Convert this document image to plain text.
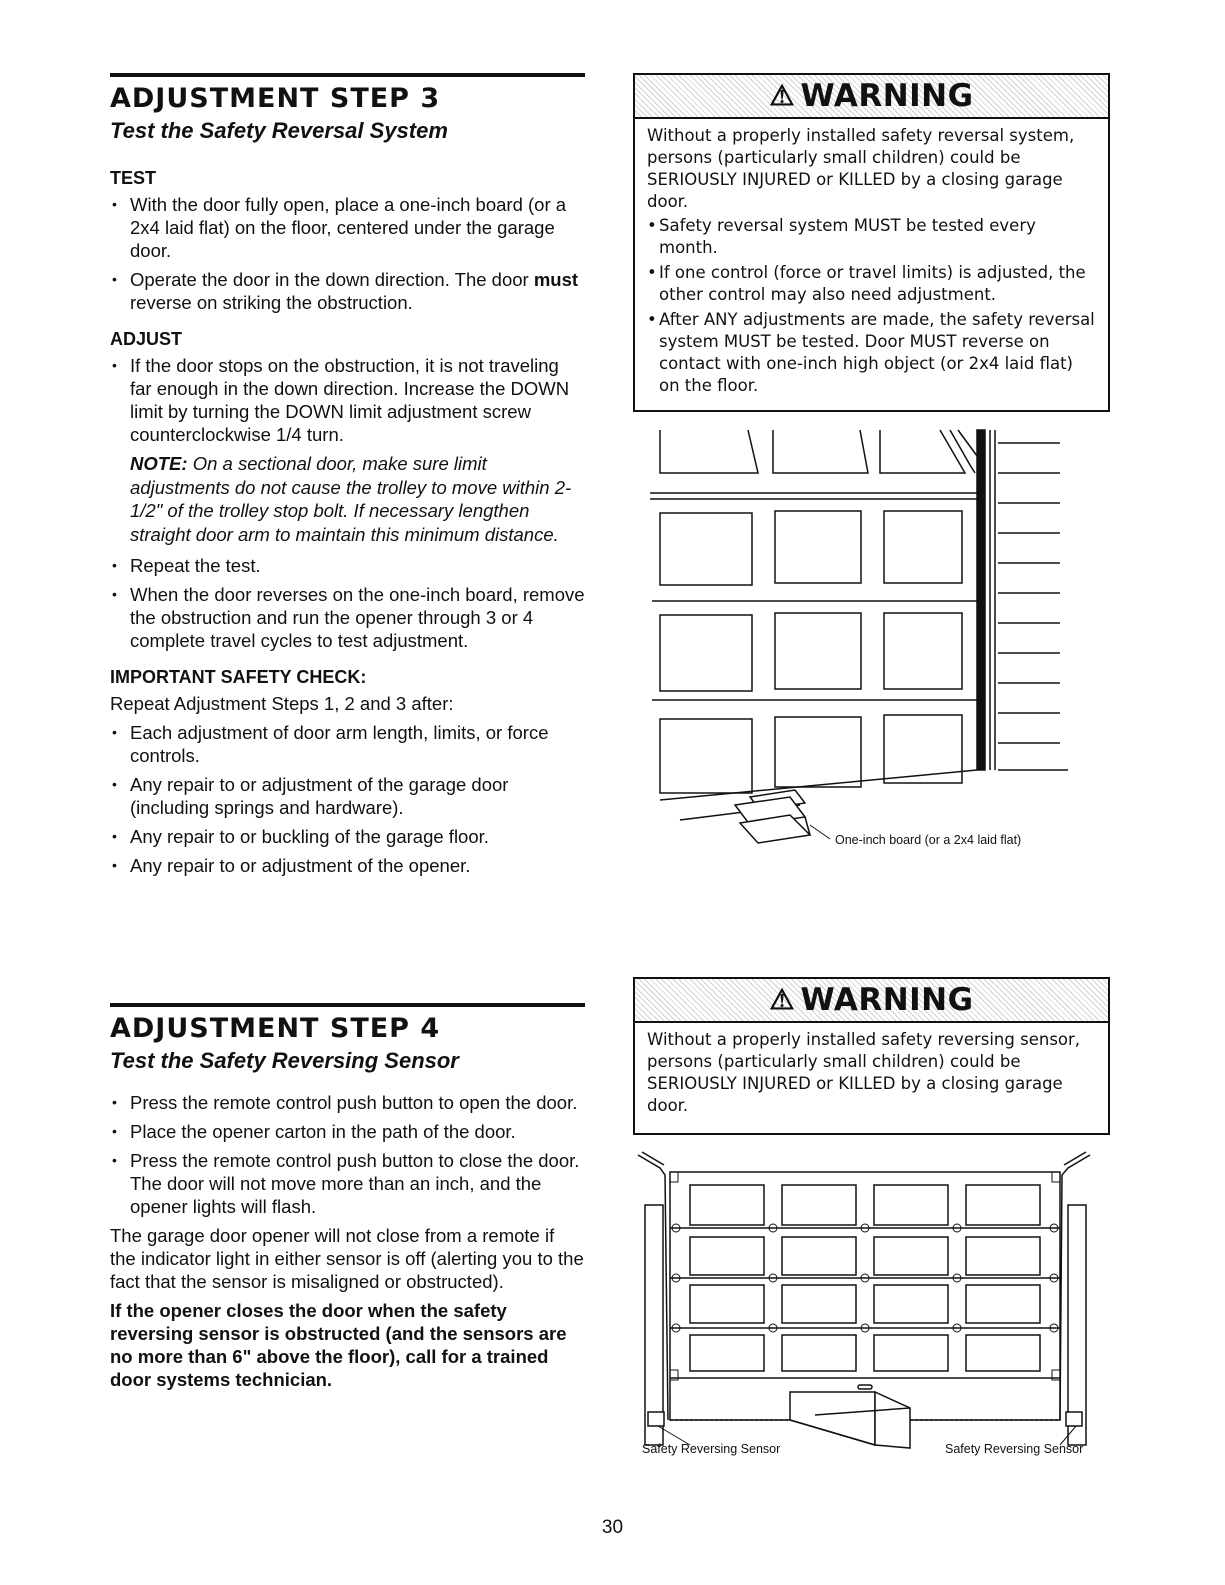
ADJUSTMENT STEP 3
Test the Safety Reversal System
TEST
• With the door fully open, place a one-inch board (or a 2x4 laid flat) on the floor, centered under the garage door.
• Operate the door in the down direction. The door must reverse on striking the obstruction.
ADJUST
• If the door stops on the obstruction, it is not traveling far enough in the down direction. Increase the DOWN limit by turning the DOWN limit adjustment screw counterclockwise 1/4 turn.
NOTE: On a sectional door, make sure limit adjustments do not cause the trolley to move within 2-1/2" of the trolley stop bolt. If necessary lengthen straight door arm to maintain this minimum distance.
• Repeat the test.
• When the door reverses on the one-inch board, remove the obstruction and run the opener through 3 or 4 complete travel cycles to test adjustment.
IMPORTANT SAFETY CHECK:
Repeat Adjustment Steps 1, 2 and 3 after:
• Each adjustment of door arm length, limits, or force controls.
• Any repair to or adjustment of the garage door (including springs and hardware).
• Any repair to or buckling of the garage floor.
• Any repair to or adjustment of the opener.
⚠ WARNING

Without a properly installed safety reversal system, persons (particularly small children) could be SERIOUSLY INJURED or KILLED by a closing garage door.

• Safety reversal system MUST be tested every month.
• If one control (force or travel limits) is adjusted, the other control may also need adjustment.
• After ANY adjustments are made, the safety reversal system MUST be tested. Door MUST reverse on contact with one-inch high object (or 2x4 laid flat) on the floor.
One-inch board (or a 2x4 laid flat)
ADJUSTMENT STEP 4
Test the Safety Reversing Sensor
• Press the remote control push button to open the door.
• Place the opener carton in the path of the door.
• Press the remote control push button to close the door. The door will not move more than an inch, and the opener lights will flash.
The garage door opener will not close from a remote if the indicator light in either sensor is off (alerting you to the fact that the sensor is misaligned or obstructed).
If the opener closes the door when the safety reversing sensor is obstructed (and the sensors are no more than 6" above the floor), call for a trained door systems technician.
⚠ WARNING

Without a properly installed safety reversing sensor, persons (particularly small children) could be SERIOUSLY INJURED or KILLED by a closing garage door.

Safety Reversing Sensor	Safety Reversing Sensor
30
